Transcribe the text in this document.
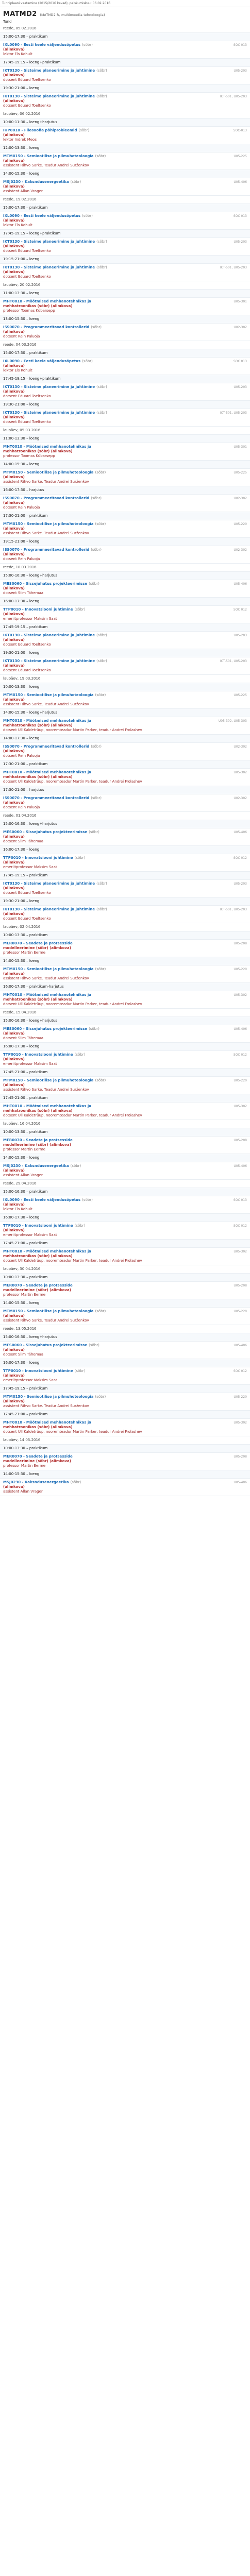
Tunniplaani vaatamine (2015/2016 kevad), paiskumiskuu: 06.02.2016
MATMD2 (MATMD2 R, multimeedia tehnoloogia)
Tund
reede, 05.02.2016
15:00-17:30 – praktikum
IXL0090 - Eesti keele väljendusõpetus (sõbr)
(alimkova)
lektor Els Kohult
SOC 013
17:45-19:15 – loeng+praktikum
IKT0130 - Sisteime planeerimine ja juhtimine (sõbr)
(alimkova)
dotsent Eduard Toeltsenko
U05-203
19:30-21:00 – loeng
IKT0130 - Sisteime planeerimine ja juhtimine (sõbr)
(alimkova)
dotsent Eduard Toeltsenko
ICT-501, U05-203
laupäev, 06.02.2016
10:00-11:30 – loeng+harjutus
IHP0010 - Filosoofia põhiprobleemid (sõbr)
(alimkova)
lektor Indrek Meos
SOC-013
12:00-13:30 – loeng
MTM0150 - Semiootilise ja pilmuhoteoloogia (sõbr)
(alimkova)
assistent Rihvo Sarke. Teadur Andrei Surženkov
U05-225
14:00-15:30 – loeng
MSJ0230 - Kaksndusenergeetika (sõbr)
(alimkova)
assistent Allan Vrager
U05-406
reede, 19.02.2016
15:00-17:30 – praktikum
IXL0090 - Eesti keele väljendusõpetus (sõbr)
(alimkova)
lektor Els Kohult
SOC 013
17:45-19:15 – loeng+praktikum
IKT0130 - Sisteime planeerimine ja juhtimine (sõbr)
(alimkova)
dotsent Eduard Toeltsenko
U05-203
19:15-21:00 – loeng
IKT0130 - Sisteime planeerimine ja juhtimine (sõbr)
(alimkova)
dotsent Eduard Toeltsenko
ICT-501, U05-203
laupäev, 20.02.2016
11:00-13:30 – loeng
MHT0010 - Mõõtmised mehhanotehnikas ja
mehhatroonikas (sõbr) (alimkova)
professor Toomas Kübarsepp
U05-301
13:00-15:30 – loeng
ISS0070 - Programmeeritavad kontrollerid (sõbr)
(alimkova)
dotsent Rein Paluoja
U02-302
reede, 04.03.2016
15:00-17:30 – praktikum
IXL0090 - Eesti keele väljendusõpetus (sõbr)
(alimkova)
lektor Els Kohult
SOC 013
17:45-19:15 – loeng+praktikum
IKT0130 - Sisteime planeerimine ja juhtimine (sõbr)
(alimkova)
dotsent Eduard Toeltsenko
U05-203
19:30-21:00 – loeng
IKT0130 - Sisteime planeerimine ja juhtimine (sõbr)
(alimkova)
dotsent Eduard Toeltsenko
ICT-501, U05-203
laupäev, 05.03.2016
11:00-13:30 – loeng
MHT0010 - Mõõtmised mehhanotehnikas ja
mehhatroonikas (sõbr) (alimkova)
professor Toomas Kübarsepp
U05-301
14:00-15:30 – loeng
MTM0150 - Semiootilise ja pilmuhoteoloogia (sõbr)
(alimkova)
assistent Rihvo Sarke. Teadur Andrei Surženkov
U05-225
16:00-17:30 – harjutus
ISS0070 - Programmeeritavad kontrollerid (sõbr)
(alimkova)
dotsent Rein Paluoja
U02-302
17:30-21:00 – praktikum
MTM0150 - Semiootilise ja pilmuhoteoloogia (sõbr)
(alimkova)
assistent Rihvo Sarke. Teadur Andrei Surženkov
U05-220
19:15-21:00 – loeng
ISS0070 - Programmeeritavad kontrollerid (sõbr)
(alimkova)
dotsent Rein Paluoja
U02-302
reede, 18.03.2016
15:00-16:30 – loeng+harjutus
MES0060 - Sissejuhatus projekteerimisse (sõbr)
(alimkova)
dotsent Siim Tähemaa
U05-406
16:00-17:30 – loeng
TTP0010 - Innovatsiooni juhtimine (sõbr)
(alimkova)
emeriitprofessor Maksim Saat
SOC 012
17:45-19:15 – praktikum
IKT0130 - Sisteime planeerimine ja juhtimine (sõbr)
(alimkova)
dotsent Eduard Toeltsenko
U05-203
19:30-21:00 – loeng
IKT0130 - Sisteime planeerimine ja juhtimine (sõbr)
(alimkova)
dotsent Eduard Toeltsenko
ICT-501, U05-203
laupäev, 19.03.2016
10:00-13:30 – loeng
MTM0150 - Semiootilise ja pilmuhoteoloogia (sõbr)
(alimkova)
assistent Rihvo Sarke. Teadur Andrei Surženkov
U05-225
14:00-15:30 – loeng+harjutus
MHT0010 - Mõõtmised mehhanotehnikas ja
mehhatroonikas (sõbr) (alimkova)
dotsent Ull Kaldetrüup, nooremteadur Martin Parker, teadur Andrei Frolashev
U05-302, U05-303
14:00-17:30 – loeng
ISS0070 - Programmeeritavad kontrollerid (sõbr)
(alimkova)
dotsent Rein Paluoja
U02-302
17:30-21:00 – praktikum
MHT0010 - Mõõtmised mehhanotehnikas ja
mehhatroonikas (sõbr) (alimkova)
dotsent Ull Kaldetrüup, nooremteadur Martin Parker, teadur Andrei Frolashev
U05-302
17:30-21:00 – harjutus
ISS0070 - Programmeeritavad kontrollerid (sõbr)
(alimkova)
dotsent Rein Paluoja
U02-302
reede, 01.04.2016
15:00-16:30 – loeng+harjutus
MES0060 - Sissejuhatus projekteerimisse (sõbr)
(alimkova)
dotsent Siim Tähemaa
U05-406
16:00-17:30 – loeng
TTP0010 - Innovatsiooni juhtimine (sõbr)
(alimkova)
emeriitprofessor Maksim Saat
SOC 012
17:45-19:15 – praktikum
IKT0130 - Sisteime planeerimine ja juhtimine (sõbr)
(alimkova)
dotsent Eduard Toeltsenko
U05-203
19:30-21:00 – loeng
IKT0130 - Sisteime planeerimine ja juhtimine (sõbr)
(alimkova)
dotsent Eduard Toeltsenko
ICT-501, U05-203
laupäev, 02.04.2016
10:00-13:30 – praktikum
MER0070 - Seadete ja protsesside
modelleerimine (sõbr) (alimkova)
professor Martin Eerme
U05-208
14:00-15:30 – loeng
MTM0150 - Semiootilise ja pilmuhoteoloogia (sõbr)
(alimkova)
assistent Rihvo Sarke. Teadur Andrei Surženkov
U05-220
16:00-17:30 – praktikum-harjutus
MHT0010 - Mõõtmised mehhanotehnikas ja
mehhatroonikas (sõbr) (alimkova)
dotsent Ull Kaldetrüup, nooremteadur Martin Parker, teadur Andrei Frolashev
U05-302
reede, 15.04.2016
15:00-16:30 – loeng+harjutus
MES0060 - Sissejuhatus projekteerimisse (sõbr)
(alimkova)
dotsent Siim Tähemaa
U05-406
16:00-17:30 – loeng
TTP0010 - Innovatsiooni juhtimine (sõbr)
(alimkova)
emeriitprofessor Maksim Saat
SOC 012
17:45-21:00 – praktikum
MTM0150 - Semiootilise ja pilmuhoteoloogia (sõbr)
(alimkova)
assistent Rihvo Sarke. Teadur Andrei Surženkov
U05-220
17:45-21:00 – praktikum
MHT0010 - Mõõtmised mehhanotehnikas ja
mehhatroonikas (sõbr) (alimkova)
dotsent Ull Kaldetrüup, nooremteadur Martin Parker, teadur Andrei Frolashev
U05-302
laupäev, 16.04.2016
10:00-13:30 – praktikum
MER0070 - Seadete ja protsesside
modelleerimine (sõbr) (alimkova)
professor Martin Eerme
U05-208
14:00-15:30 – loeng
MSJ0230 - Kaksndusenergeetika (sõbr)
(alimkova)
assistent Allan Vrager
U05-406
reede, 29.04.2016
15:00-16:30 – praktikum
IXL0090 - Eesti keele väljendusõpetus (sõbr)
(alimkova)
lektor Els Kohult
SOC 013
16:00-17:30 – loeng
TTP0010 - Innovatsiooni juhtimine (sõbr)
(alimkova)
emeriitprofessor Maksim Saat
SOC 012
17:45-21:00 – praktikum
MHT0010 - Mõõtmised mehhanotehnikas ja
mehhatroonikas (sõbr) (alimkova)
dotsent Ull Kaldetrüup, nooremteadur Martin Parker, teadur Andrei Frolashev
U05-302
laupäev, 30.04.2016
10:00-13:30 – praktikum
MER0070 - Seadete ja protsesside
modelleerimine (sõbr) (alimkova)
professor Martin Eerme
U05-208
14:00-15:30 – loeng
MTM0150 - Semiootilise ja pilmuhoteoloogia (sõbr)
(alimkova)
assistent Rihvo Sarke. Teadur Andrei Surženkov
U05-220
reede, 13.05.2016
15:00-16:30 – loeng+harjutus
MES0060 - Sissejuhatus projekteerimisse (sõbr)
(alimkova)
dotsent Siim Tähemaa
U05-406
16:00-17:30 – loeng
TTP0010 - Innovatsiooni juhtimine (sõbr)
(alimkova)
emeriitprofessor Maksim Saat
SOC 012
17:45-19:15 – praktikum
MTM0150 - Semiootilise ja pilmuhoteoloogia (sõbr)
(alimkova)
assistent Rihvo Sarke. Teadur Andrei Surženkov
U05-220
17:45-21:00 – praktikum
MHT0010 - Mõõtmised mehhanotehnikas ja
mehhatroonikas (sõbr) (alimkova)
dotsent Ull Kaldetrüup, nooremteadur Martin Parker, teadur Andrei Frolashev
U05-302
laupäev, 14.05.2016
10:00-13:30 – praktikum
MER0070 - Seadete ja protsesside
modelleerimine (sõbr) (alimkova)
professor Martin Eerme
U05-208
14:00-15:30 – loeng
MSJ0230 - Kaksndusenergeetika (sõbr)
(alimkova)
assistent Allan Vrager
U05-406
